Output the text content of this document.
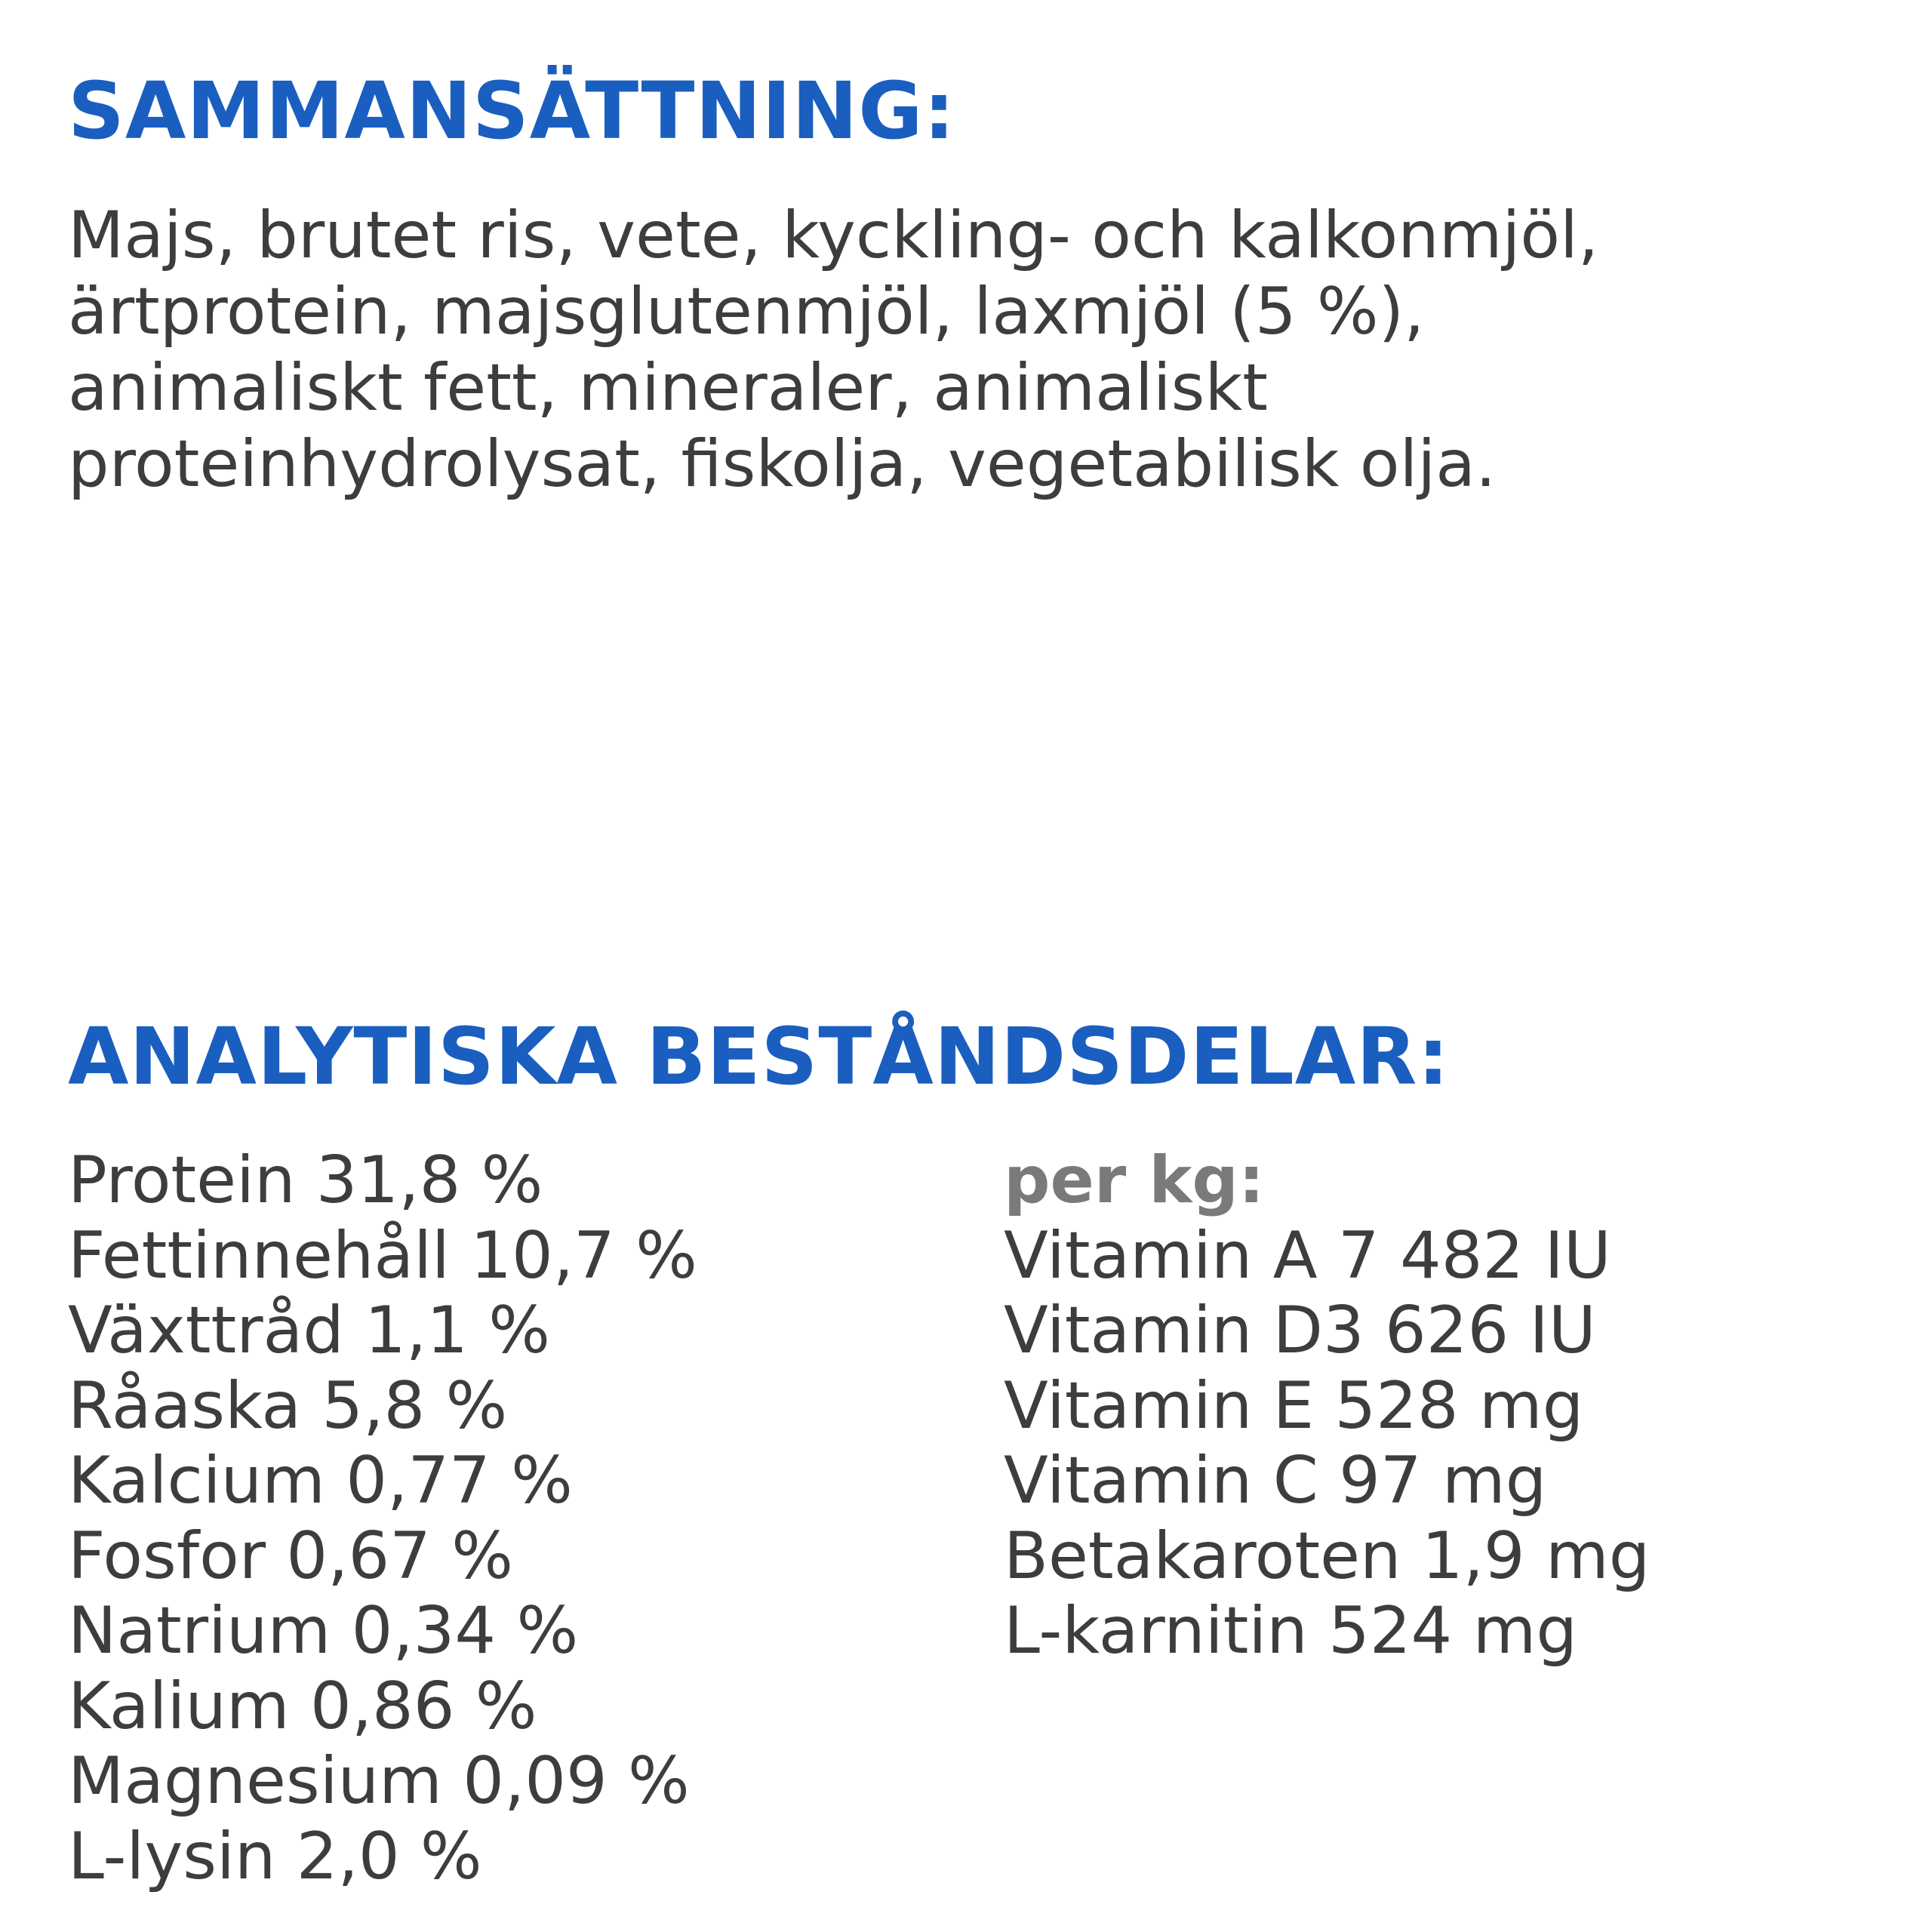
SAMMANSÄTTNING:

Majs, brutet ris, vete, kyckling- och kalkonmjöl,
ärtprotein, majsglutenmjöl, laxmjöl (5 %),
animaliskt fett, mineraler, animaliskt
proteinhydrolysat, fiskolja, vegetabilisk olja.

ANALYTISKA BESTÅNDSDELAR:
Protein 31,8 %
Fettinnehåll 10,7 %
Växttråd 1,1 %
Råaska 5,8 %
Kalcium 0,77 %
Fosfor 0,67 %
Natrium 0,34 %
Kalium 0,86 %
Magnesium 0,09 %
L-lysin 2,0 %
per kg:
Vitamin A 7 482 IU
Vitamin D3 626 IU
Vitamin E 528 mg
Vitamin C 97 mg
Betakaroten 1,9 mg
L-karnitin 524 mg
